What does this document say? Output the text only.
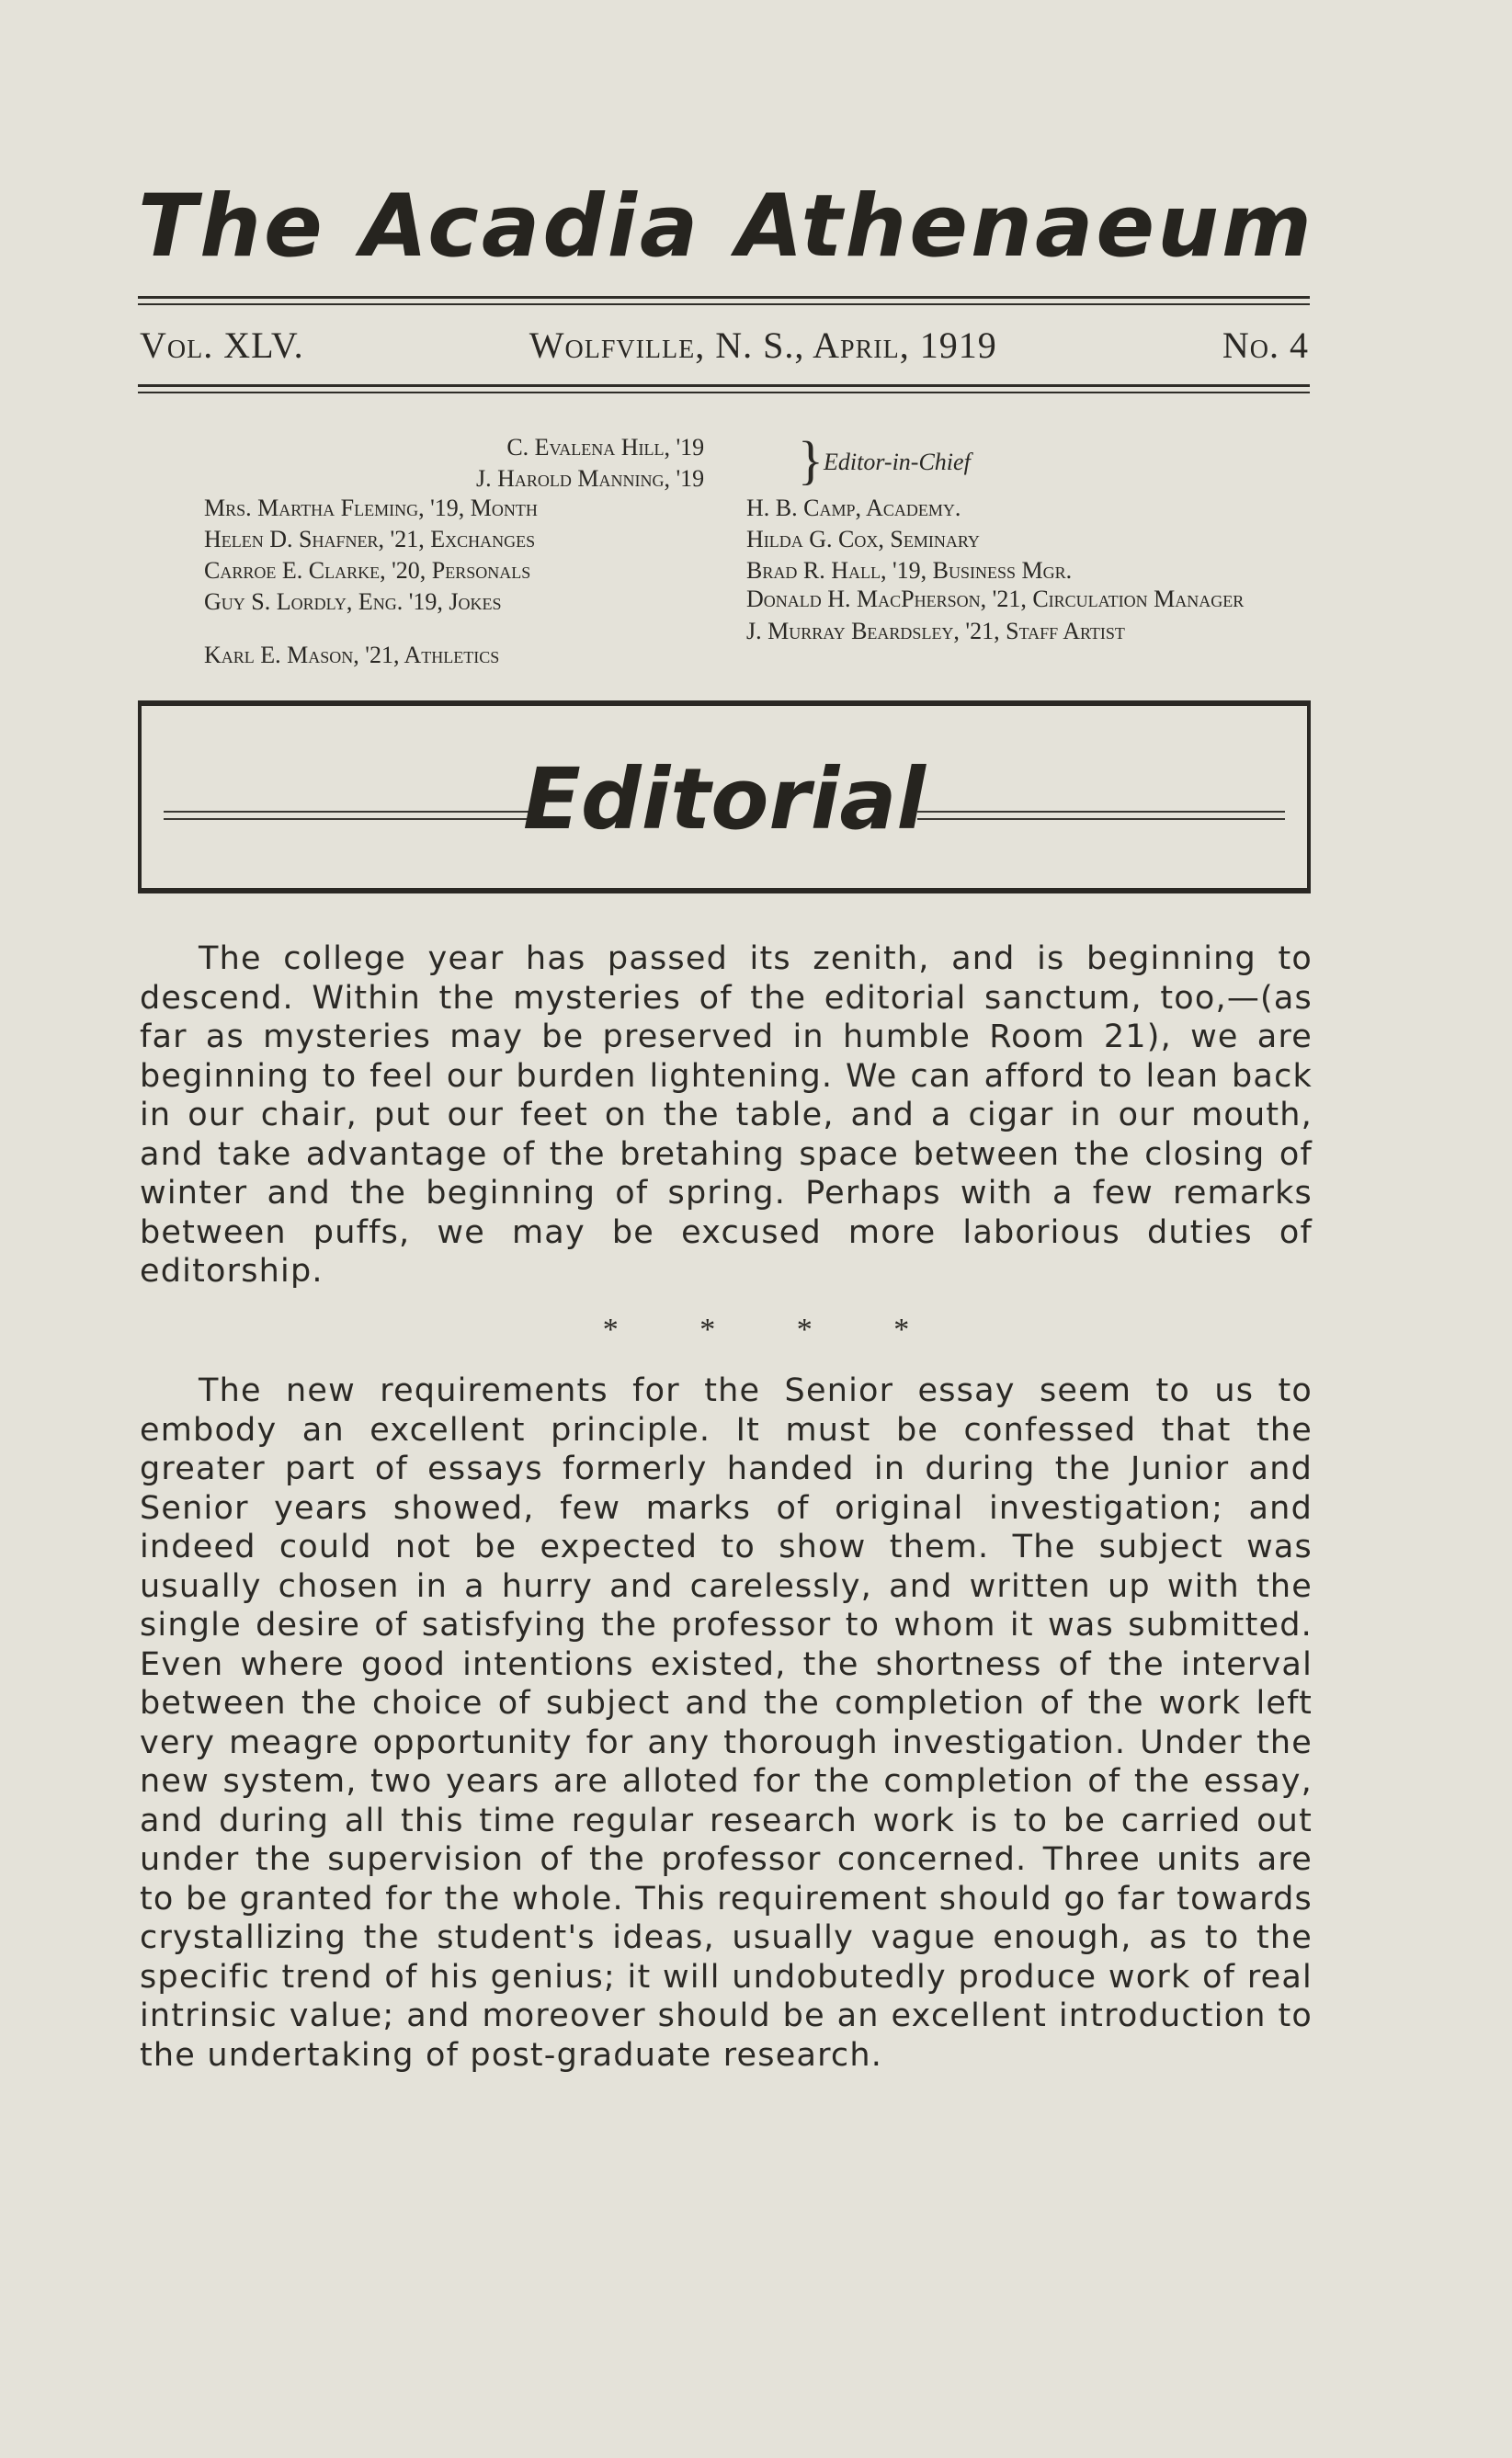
The Acadia Athenaeum
Vol. XLV.	Wolfville, N. S., April, 1919	No. 4

C. Evalena Hill, '19

J. Harold Manning, '19 } Editor-in-Chief

Mrs. Martha Fleming, '19, Month

Helen D. Shafner, '21, Exchanges

Carroe E. Clarke, '20, Personals

Guy S. Lordly, Eng. '19, Jokes

Karl E. Mason, '21, Athletics

H. B. Camp, Academy.

Hilda G. Cox, Seminary

Brad R. Hall, '19, Business Mgr.

Donald H. MacPherson, '21, Circulation Manager

J. Murray Beardsley, '21, Staff Artist

Editorial

The college year has passed its zenith, and is beginning to descend. Within the mysteries of the editorial sanctum, too,—(as far as mysteries may be preserved in humble Room 21), we are beginning to feel our burden lightening. We can afford to lean back in our chair, put our feet on the table, and a cigar in our mouth, and take advantage of the bretahing space between the closing of winter and the beginning of spring. Perhaps with a few remarks between puffs, we may be excused more laborious duties of editorship.

* * * *

The new requirements for the Senior essay seem to us to embody an excellent principle. It must be confessed that the greater part of essays formerly handed in during the Junior and Senior years showed, few marks of original investigation; and indeed could not be expected to show them. The subject was usually chosen in a hurry and carelessly, and written up with the single desire of satisfying the professor to whom it was submitted. Even where good intentions existed, the shortness of the interval between the choice of subject and the completion of the work left very meagre opportunity for any thorough investigation. Under the new system, two years are alloted for the completion of the essay, and during all this time regular research work is to be carried out under the supervision of the professor concerned. Three units are to be granted for the whole. This requirement should go far towards crystallizing the student's ideas, usually vague enough, as to the specific trend of his genius; it will undobutedly produce work of real intrinsic value; and moreover should be an excellent introduction to the undertaking of post-graduate research.
